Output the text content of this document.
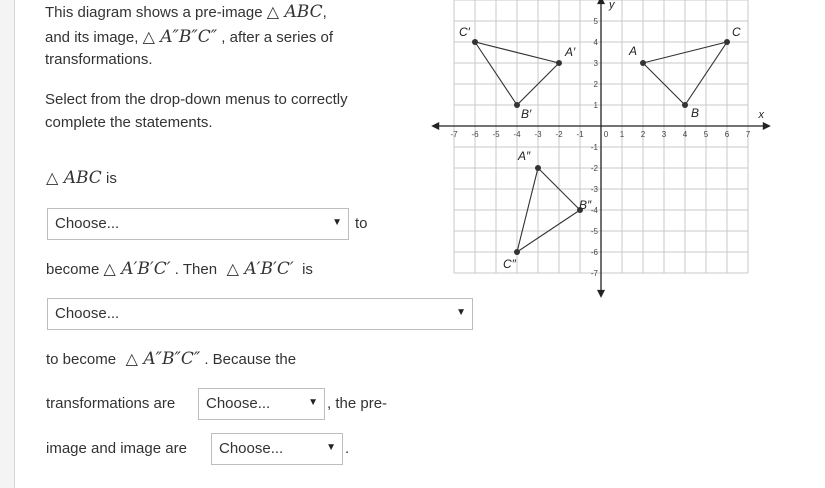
This diagram shows a pre-image △ ABC,
and its image, △ A″B″C″ , after a series of
transformations.
Select from the drop-down menus to correctly
complete the statements.
△ ABC is
Choose...	▼ to
become △ A′B′C′ . Then △ A′B′C′ is
Choose...	▼
to become △ A″B″C″ . Because the
transformations are Choose...	▼ , the pre-
image and image are Choose...	▼ .
x
y
-7 -6 -5 -4 -3 -2 -1	0 1 2 3 4 5 6 7
5
4
3
2
1
-1
-2
-3
-4
-5
-6
-7
A
B
C
A′
B′
C′
A″
B″
C″
